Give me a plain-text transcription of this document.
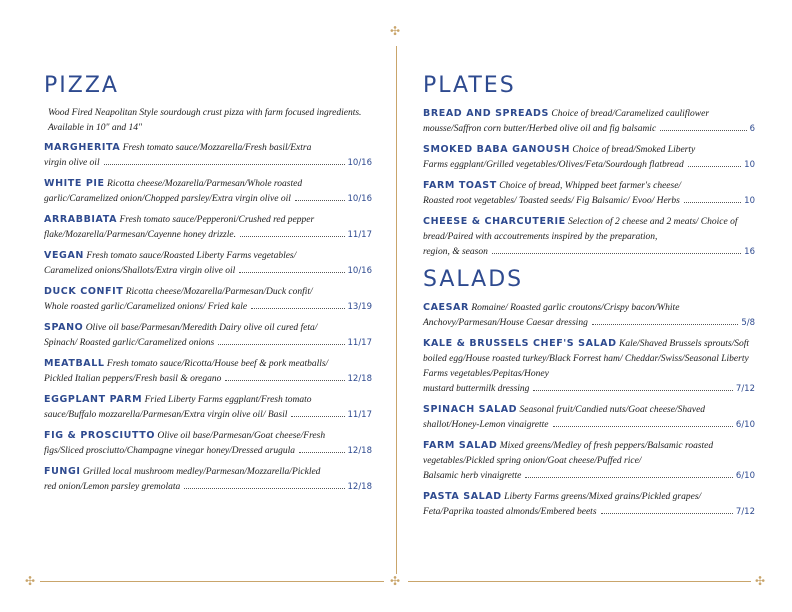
✣
✣	✣	✣
PIZZA
Wood Fired Neapolitan Style sourdough crust pizza with farm focused ingredients. Available in 10" and 14"
MARGHERITA Fresh tomato sauce/Mozzarella/Fresh basil/Extra
virgin olive oil	10/16
WHITE PIE Ricotta cheese/Mozarella/Parmesan/Whole roasted
garlic/Caramelized onion/Chopped parsley/Extra virgin olive oil	10/16
ARRABBIATA Fresh tomato sauce/Pepperoni/Crushed red pepper
flake/Mozarella/Parmesan/Cayenne honey drizzle.	11/17
VEGAN Fresh tomato sauce/Roasted Liberty Farms vegetables/
Caramelized onions/Shallots/Extra virgin olive oil	10/16
DUCK CONFIT Ricotta cheese/Mozarella/Parmesan/Duck confit/
Whole roasted garlic/Caramelized onions/ Fried kale	13/19
SPANO Olive oil base/Parmesan/Meredith Dairy olive oil cured feta/
Spinach/ Roasted garlic/Caramelized onions	11/17
MEATBALL Fresh tomato sauce/Ricotta/House beef & pork meatballs/
Pickled Italian peppers/Fresh basil & oregano	12/18
EGGPLANT PARM Fried Liberty Farms eggplant/Fresh tomato
sauce/Buffalo mozzarella/Parmesan/Extra virgin olive oil/ Basil	11/17
FIG & PROSCIUTTO Olive oil base/Parmesan/Goat cheese/Fresh
figs/Sliced prosciutto/Champagne vinegar honey/Dressed arugula	12/18
FUNGI Grilled local mushroom medley/Parmesan/Mozzarella/Pickled
red onion/Lemon parsley gremolata	12/18
PLATES
BREAD AND SPREADS Choice of bread/Caramelized cauliflower
mousse/Saffron corn butter/Herbed olive oil and fig balsamic	6
SMOKED BABA GANOUSH Choice of bread/Smoked Liberty
Farms eggplant/Grilled vegetables/Olives/Feta/Sourdough flatbread	10
FARM TOAST Choice of bread, Whipped beet farmer's cheese/
Roasted root vegetables/ Toasted seeds/ Fig Balsamic/ Evoo/ Herbs	10
CHEESE & CHARCUTERIE Selection of 2 cheese and 2 meats/ Choice of bread/Paired with accoutrements inspired by the preparation,
region, & season	16
SALADS
CAESAR Romaine/ Roasted garlic croutons/Crispy bacon/White
Anchovy/Parmesan/House Caesar dressing	5/8
KALE & BRUSSELS CHEF'S SALAD Kale/Shaved Brussels sprouts/Soft boiled egg/House roasted turkey/Black Forrest ham/ Cheddar/Swiss/Seasonal Liberty Farms vegetables/Pepitas/Honey
mustard buttermilk dressing	7/12
SPINACH SALAD Seasonal fruit/Candied nuts/Goat cheese/Shaved
shallot/Honey-Lemon vinaigrette	6/10
FARM SALAD Mixed greens/Medley of fresh peppers/Balsamic roasted vegetables/Pickled spring onion/Goat cheese/Puffed rice/
Balsamic herb vinaigrette	6/10
PASTA SALAD Liberty Farms greens/Mixed grains/Pickled grapes/
Feta/Paprika toasted almonds/Embered beets	7/12
